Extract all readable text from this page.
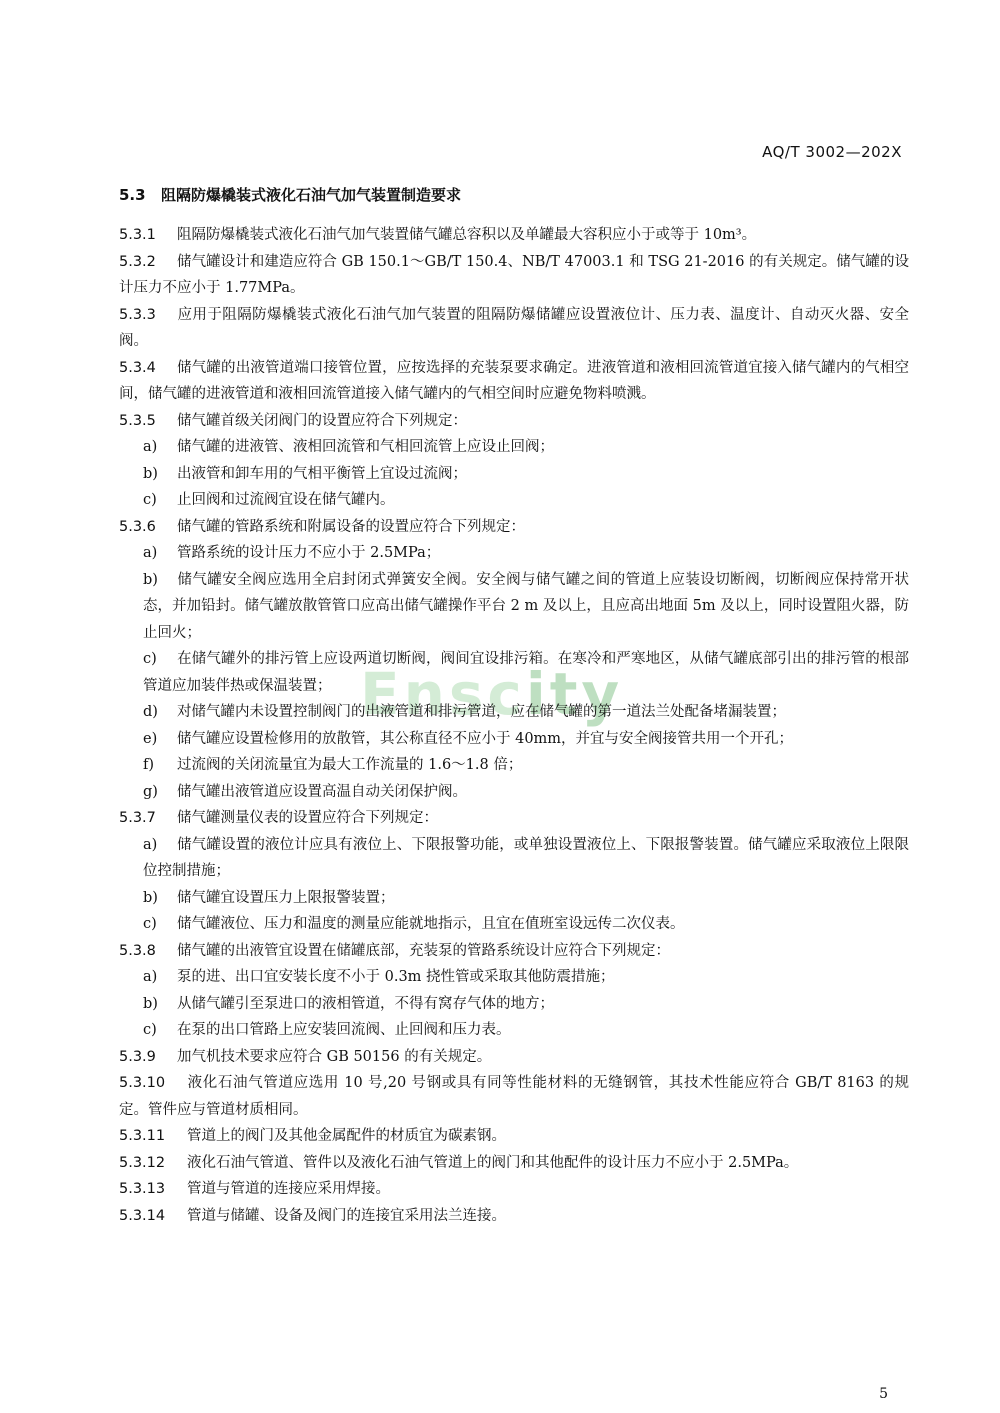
AQ/T 3002—202X
Enscity
5.3 阻隔防爆橇装式液化石油气加气装置制造要求

5.3.1 阻隔防爆橇装式液化石油气加气装置储气罐总容积以及单罐最大容积应小于或等于 10m³。

5.3.2 储气罐设计和建造应符合 GB 150.1～GB/T 150.4、NB/T 47003.1 和 TSG 21-2016 的有关规定。储气罐的设计压力不应小于 1.77MPa。

5.3.3 应用于阻隔防爆橇装式液化石油气加气装置的阻隔防爆储罐应设置液位计、压力表、温度计、自动灭火器、安全阀。

5.3.4 储气罐的出液管道端口接管位置，应按选择的充装泵要求确定。进液管道和液相回流管道宜接入储气罐内的气相空间，储气罐的进液管道和液相回流管道接入储气罐内的气相空间时应避免物料喷溅。

5.3.5 储气罐首级关闭阀门的设置应符合下列规定：

a) 储气罐的进液管、液相回流管和气相回流管上应设止回阀；

b) 出液管和卸车用的气相平衡管上宜设过流阀；

c) 止回阀和过流阀宜设在储气罐内。

5.3.6 储气罐的管路系统和附属设备的设置应符合下列规定：

a) 管路系统的设计压力不应小于 2.5MPa；

b) 储气罐安全阀应选用全启封闭式弹簧安全阀。安全阀与储气罐之间的管道上应装设切断阀，切断阀应保持常开状态，并加铅封。储气罐放散管管口应高出储气罐操作平台 2 m 及以上，且应高出地面 5m 及以上，同时设置阻火器，防止回火；

c) 在储气罐外的排污管上应设两道切断阀，阀间宜设排污箱。在寒冷和严寒地区，从储气罐底部引出的排污管的根部管道应加装伴热或保温装置；

d) 对储气罐内未设置控制阀门的出液管道和排污管道，应在储气罐的第一道法兰处配备堵漏装置；

e) 储气罐应设置检修用的放散管，其公称直径不应小于 40mm，并宜与安全阀接管共用一个开孔；

f) 过流阀的关闭流量宜为最大工作流量的 1.6～1.8 倍；

g) 储气罐出液管道应设置高温自动关闭保护阀。

5.3.7 储气罐测量仪表的设置应符合下列规定：

a) 储气罐设置的液位计应具有液位上、下限报警功能，或单独设置液位上、下限报警装置。储气罐应采取液位上限限位控制措施；

b) 储气罐宜设置压力上限报警装置；

c) 储气罐液位、压力和温度的测量应能就地指示，且宜在值班室设远传二次仪表。

5.3.8 储气罐的出液管宜设置在储罐底部，充装泵的管路系统设计应符合下列规定：

a) 泵的进、出口宜安装长度不小于 0.3m 挠性管或采取其他防震措施；

b) 从储气罐引至泵进口的液相管道，不得有窝存气体的地方；

c) 在泵的出口管路上应安装回流阀、止回阀和压力表。

5.3.9 加气机技术要求应符合 GB 50156 的有关规定。

5.3.10 液化石油气管道应选用 10 号,20 号钢或具有同等性能材料的无缝钢管，其技术性能应符合 GB/T 8163 的规定。管件应与管道材质相同。

5.3.11 管道上的阀门及其他金属配件的材质宜为碳素钢。

5.3.12 液化石油气管道、管件以及液化石油气管道上的阀门和其他配件的设计压力不应小于 2.5MPa。

5.3.13 管道与管道的连接应采用焊接。

5.3.14 管道与储罐、设备及阀门的连接宜采用法兰连接。

5
